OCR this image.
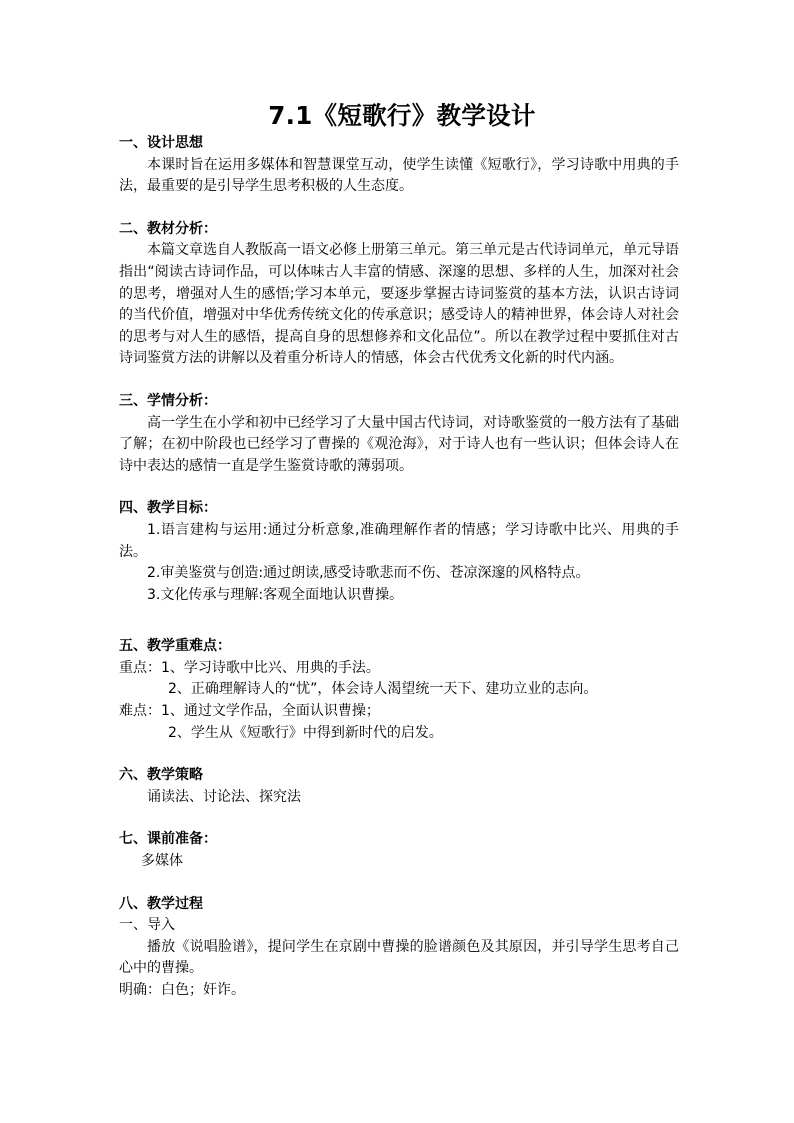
7.1《短歌行》教学设计
一、设计思想

本课时旨在运用多媒体和智慧课堂互动，使学生读懂《短歌行》，学习诗歌中用典的手法，最重要的是引导学生思考积极的人生态度。

二、教材分析：

本篇文章选自人教版高一语文必修上册第三单元。第三单元是古代诗词单元，单元导语指出“阅读古诗词作品，可以体味古人丰富的情感、深邃的思想、多样的人生，加深对社会的思考，增强对人生的感悟;学习本单元，要逐步掌握古诗词鉴赏的基本方法，认识古诗词的当代价值，增强对中华优秀传统文化的传承意识；感受诗人的精神世界，体会诗人对社会的思考与对人生的感悟，提高自身的思想修养和文化品位”。所以在教学过程中要抓住对古诗词鉴赏方法的讲解以及着重分析诗人的情感，体会古代优秀文化新的时代内涵。

三、学情分析：

高一学生在小学和初中已经学习了大量中国古代诗词，对诗歌鉴赏的一般方法有了基础了解；在初中阶段也已经学习了曹操的《观沧海》，对于诗人也有一些认识；但体会诗人在诗中表达的感情一直是学生鉴赏诗歌的薄弱项。

四、教学目标：

1.语言建构与运用:通过分析意象,准确理解作者的情感；学习诗歌中比兴、用典的手法。

2.审美鉴赏与创造:通过朗读,感受诗歌悲而不伤、苍凉深邃的风格特点。

3.文化传承与理解:客观全面地认识曹操。

五、教学重难点：

重点：1、学习诗歌中比兴、用典的手法。

2、正确理解诗人的“忧”，体会诗人渴望统一天下、建功立业的志向。

难点：1、通过文学作品，全面认识曹操；

2、学生从《短歌行》中得到新时代的启发。

六、教学策略

诵读法、讨论法、探究法

七、课前准备：

多媒体

八、教学过程

一、导入

播放《说唱脸谱》，提问学生在京剧中曹操的脸谱颜色及其原因，并引导学生思考自己心中的曹操。

明确：白色；奸诈。
